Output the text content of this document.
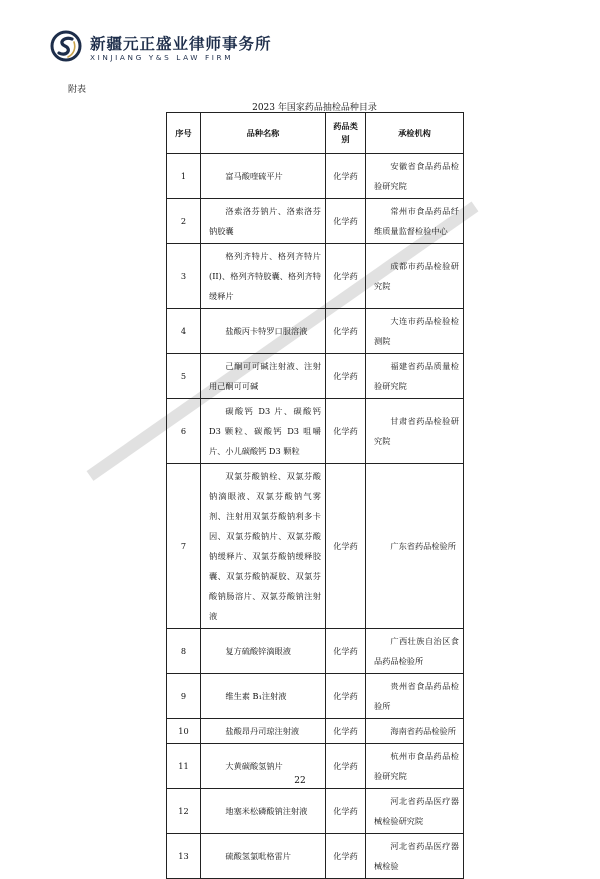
新疆元正盛业律师事务所
XINJIANG Y&S LAW FIRM
附表
2023 年国家药品抽检品种目录
序号	品种名称	药品类别	承检机构
1	富马酸喹硫平片	化学药	安徽省食品药品检验研究院
2	洛索洛芬钠片、洛索洛芬钠胶囊	化学药	常州市食品药品纤维质量监督检验中心
3	格列齐特片、格列齐特片(II)、格列齐特胶囊、格列齐特缓释片	化学药	成都市药品检验研究院
4	盐酸丙卡特罗口服溶液	化学药	大连市药品检验检测院
5	己酮可可碱注射液、注射用己酮可可碱	化学药	福建省药品质量检验研究院
6	碳酸钙 D3 片、碳酸钙 D3 颗粒、碳酸钙 D3 咀嚼片、小儿碳酸钙 D3 颗粒	化学药	甘肃省药品检验研究院
7	双氯芬酸钠栓、双氯芬酸钠滴眼液、双氯芬酸钠气雾剂、注射用双氯芬酸钠利多卡因、双氯芬酸钠片、双氯芬酸钠缓释片、双氯芬酸钠缓释胶囊、双氯芬酸钠凝胶、双氯芬酸钠肠溶片、双氯芬酸钠注射液	化学药	广东省药品检验所
8	复方硫酸锌滴眼液	化学药	广西壮族自治区食品药品检验所
9	维生素 B₁注射液	化学药	贵州省食品药品检验所
10	盐酸昂丹司琼注射液	化学药	海南省药品检验所
11	大黄碳酸氢钠片	化学药	杭州市食品药品检验研究院
12	地塞米松磷酸钠注射液	化学药	河北省药品医疗器械检验研究院
13	硫酸氢氯吡格雷片	化学药	河北省药品医疗器械检验
22
